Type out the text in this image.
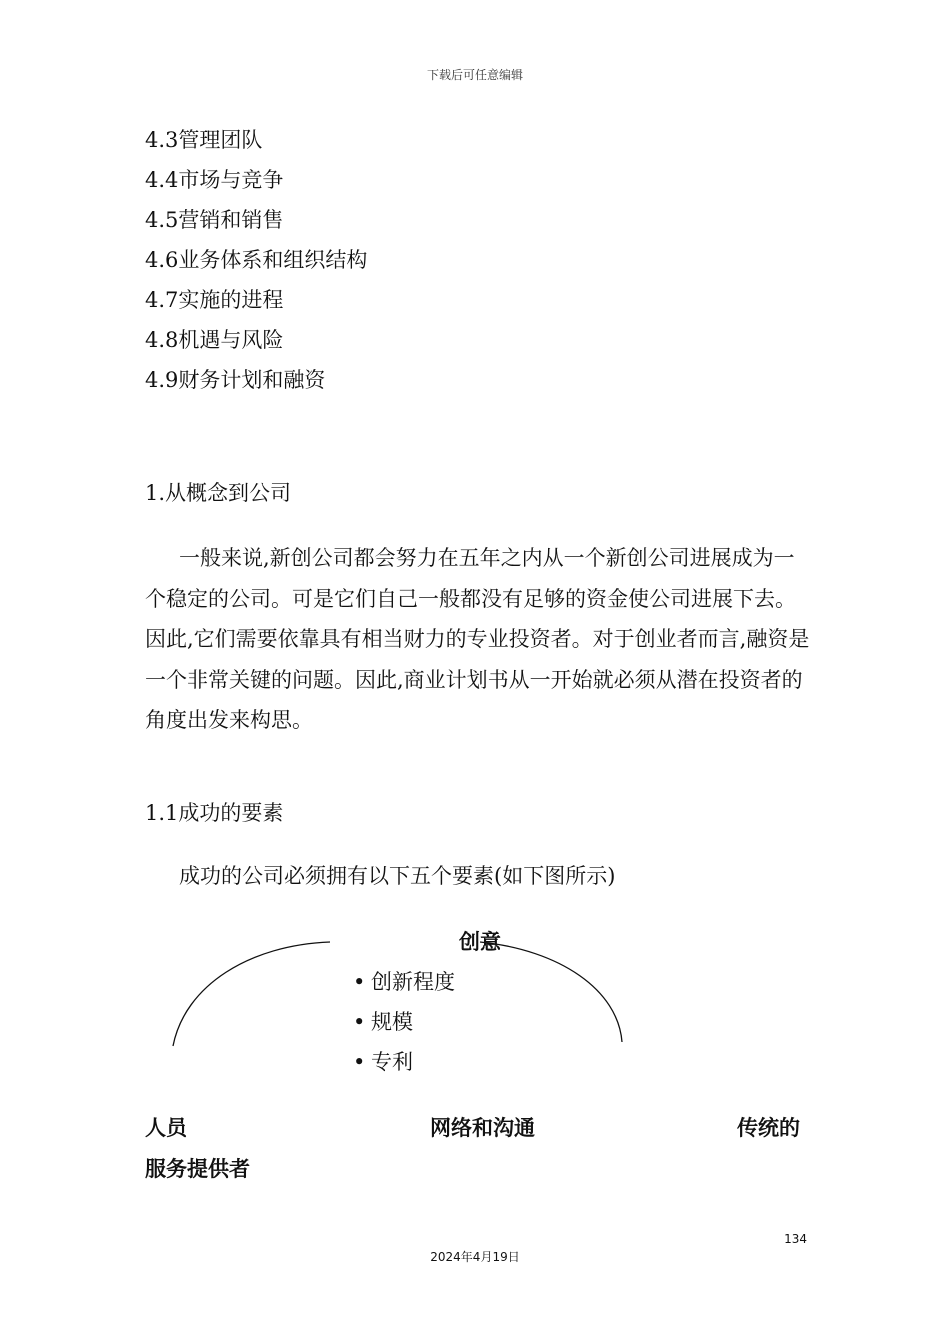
下载后可任意编辑
4.3管理团队
4.4市场与竞争
4.5营销和销售
4.6业务体系和组织结构
4.7实施的进程
4.8机遇与风险
4.9财务计划和融资
1.从概念到公司
一般来说,新创公司都会努力在五年之内从一个新创公司进展成为一个稳定的公司。可是它们自己一般都没有足够的资金使公司进展下去。因此,它们需要依靠具有相当财力的专业投资者。对于创业者而言,融资是一个非常关键的问题。因此,商业计划书从一开始就必须从潜在投资者的角度出发来构思。
1.1成功的要素
成功的公司必须拥有以下五个要素(如下图所示)
创意
• 创新程度
• 规模
• 专利
人员	网络和沟通	传统的
服务提供者
134
2024年4月19日
